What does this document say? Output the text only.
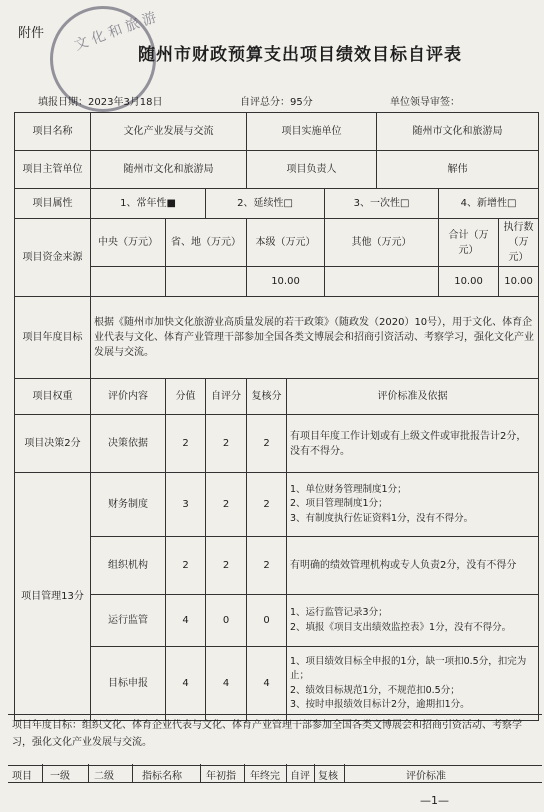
文化和旅游
附件
随州市财政预算支出项目绩效目标自评表
填报日期：2023年3月18日	自评总分：95分	单位领导审签：
项目名称	文化产业发展与交流			项目实施单位			随州市文化和旅游局			
项目主管单位	随州市文化和旅游局			项目负责人			解伟			
项目属性	1、常年性■		2、延续性□			3、一次性□		4、新增性□		
项目资金来源	中央（万元）	省、地（万元）		本级（万元）		其他（万元）		合计（万元）	执行数（万元）	
				10.00				10.00	10.00	
项目年度目标	根据《随州市加快文化旅游业高质量发展的若干政策》（随政发（2020）10号），用于文化、体育企业代表与文化、体育产业管理干部参加全国各类文博展会和招商引资活动、考察学习，强化文化产业发展与交流。									
项目权重	评价内容	分值	自评分	复核分	评价标准及依据					
项目决策2分	决策依据	2	2	2	有项目年度工作计划或有上级文件或审批报告计2分，没有不得分。					

项目管理13分	财务制度	3	2	2	1、单位财务管理制度1分；
2、项目管理制度1分；
3、有制度执行佐证资料1分，没有不得分。					

	组织机构	2	2	2	有明确的绩效管理机构或专人负责2分，没有不得分					

	运行监管	4	0	0	1、运行监管记录3分；
2、填报《项目支出绩效监控表》1分，没有不得分。					

	目标申报	4	4	4	1、项目绩效目标全申报的1分，缺一项扣0.5分，扣完为止；
2、绩效目标规范1分，不规范扣0.5分；
3、按时申报绩效目标计2分，逾期扣1分。					
项目年度目标：组织文化、体育企业代表与文化、体育产业管理干部参加全国各类文博展会和招商引资活动、考察学习，强化文化产业发展与交流。
项目 一级 二级	指标名称 年初指 年终完 自评 复核	评价标准
—1—
